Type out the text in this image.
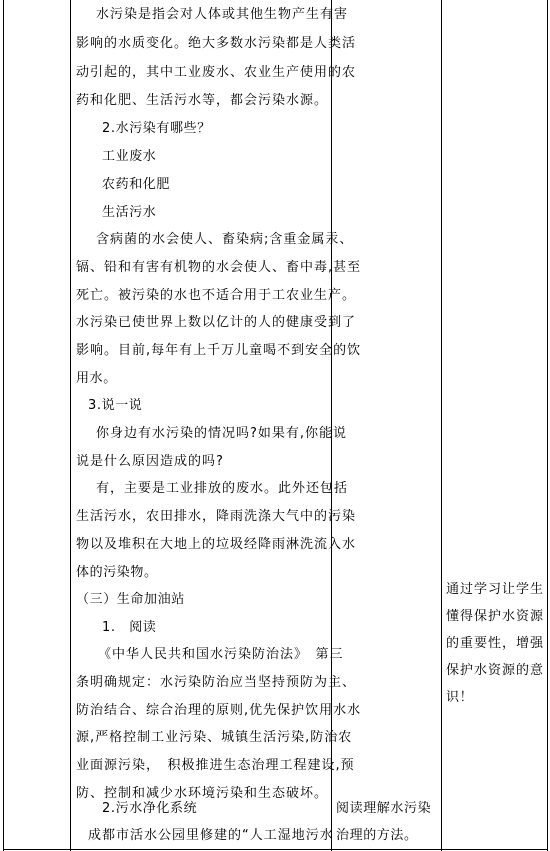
水污染是指会对人体或其他生物产生有害
影响的水质变化。绝大多数水污染都是人类活
动引起的，其中工业废水、农业生产使用的农
药和化肥、生活污水等，都会污染水源。
2.水污染有哪些？
工业废水
农药和化肥
生活污水
含病菌的水会使人、畜染病;含重金属汞、
镉、铅和有害有机物的水会使人、畜中毒,甚至
死亡。被污染的水也不适合用于工农业生产。
水污染已使世界上数以亿计的人的健康受到了
影响。目前,每年有上千万儿童喝不到安全的饮
用水。
3.说一说
你身边有水污染的情况吗?如果有,你能说
说是什么原因造成的吗?
有，主要是工业排放的废水。此外还包括
生活污水，农田排水，降雨洗涤大气中的污染
物以及堆积在大地上的垃圾经降雨淋洗流入水
体的污染物。
（三）生命加油站
1.　阅读
《中华人民共和国水污染防治法》　第三
条明确规定：水污染防治应当坚持预防为主、
防治结合、综合治理的原则,优先保护饮用水水
源,严格控制工业污染、城镇生活污染,防治农
业面源污染，　积极推进生态治理工程建设,预
防、控制和减少水环境污染和生态破坏。
2.污水净化系统
成都市活水公园里修建的“人工湿地污水
阅读理解水污染
治理的方法。
通过学习让学生
懂得保护水资源
的重要性，增强
保护水资源的意
识！
